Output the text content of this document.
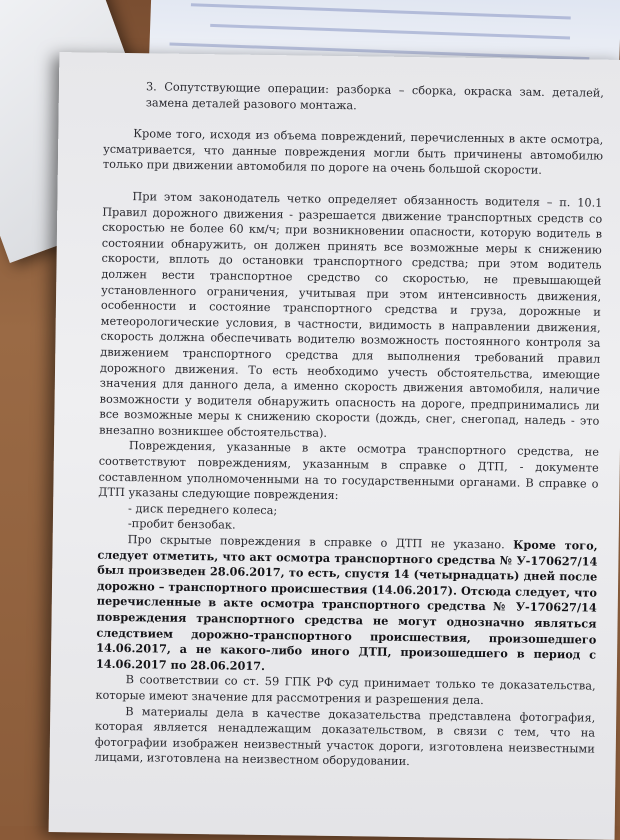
3. Сопутствующие операции: разборка – сборка, окраска зам. деталей, замена деталей разового монтажа.

Кроме того, исходя из объема повреждений, перечисленных в акте осмотра, усматривается, что данные повреждения могли быть причинены автомобилю только при движении автомобиля по дороге на очень большой скорости.

При этом законодатель четко определяет обязанность водителя – п. 10.1 Правил дорожного движения - разрешается движение транспортных средств со скоростью не более 60 км/ч; при возникновении опасности, которую водитель в состоянии обнаружить, он должен принять все возможные меры к снижению скорости, вплоть до остановки транспортного средства; при этом водитель должен вести транспортное средство со скоростью, не превышающей установленного ограничения, учитывая при этом интенсивность движения, особенности и состояние транспортного средства и груза, дорожные и метеорологические условия, в частности, видимость в направлении движения, скорость должна обеспечивать водителю возможность постоянного контроля за движением транспортного средства для выполнения требований правил дорожного движения. То есть необходимо учесть обстоятельства, имеющие значения для данного дела, а именно скорость движения автомобиля, наличие возможности у водителя обнаружить опасность на дороге, предпринимались ли все возможные меры к снижению скорости (дождь, снег, снегопад, наледь - это внезапно возникшее обстоятельства).

Повреждения, указанные в акте осмотра транспортного средства, не соответствуют повреждениям, указанным в справке о ДТП, - документе составленном уполномоченными на то государственными органами. В справке о ДТП указаны следующие повреждения:

- диск переднего колеса;

-пробит бензобак.

Про скрытые повреждения в справке о ДТП не указано. Кроме того, следует отметить, что акт осмотра транспортного средства № У-170627/14 был произведен 28.06.2017, то есть, спустя 14 (четырнадцать) дней после дорожно – транспортного происшествия (14.06.2017). Отсюда следует, что перечисленные в акте осмотра транспортного средства № У-170627/14 повреждения транспортного средства не могут однозначно являться следствием дорожно-транспортного происшествия, произошедшего 14.06.2017, а не какого-либо иного ДТП, произошедшего в период с 14.06.2017 по 28.06.2017.

В соответствии со ст. 59 ГПК РФ суд принимает только те доказательства, которые имеют значение для рассмотрения и разрешения дела.

В материалы дела в качестве доказательства представлена фотография, которая является ненадлежащим доказательством, в связи с тем, что на фотографии изображен неизвестный участок дороги, изготовлена неизвестными лицами, изготовлена на неизвестном оборудовании.
